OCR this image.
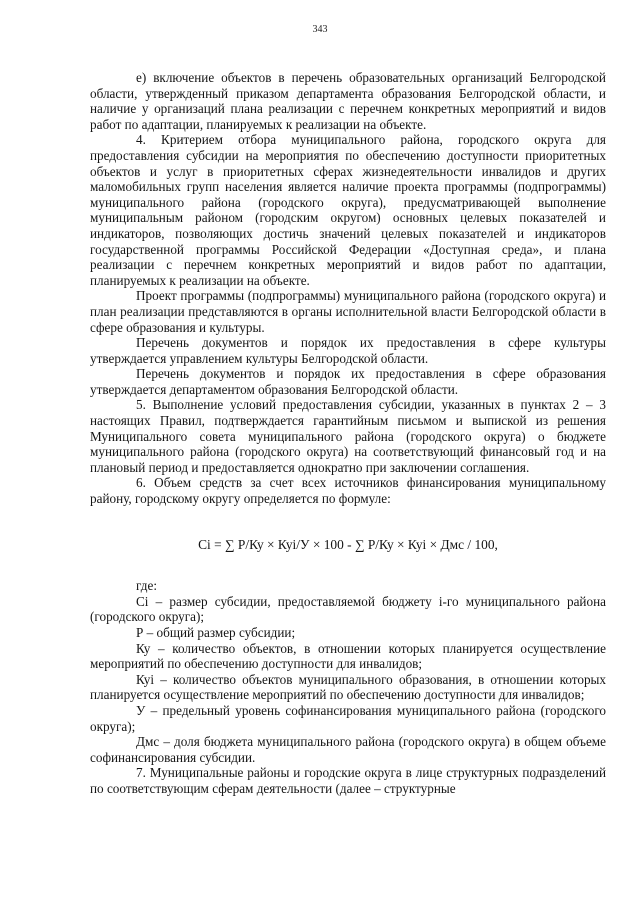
343

е) включение объектов в перечень образовательных организаций Белгородской области, утвержденный приказом департамента образования Белгородской области, и наличие у организаций плана реализации с перечнем конкретных мероприятий и видов работ по адаптации, планируемых к реализации на объекте.

4. Критерием отбора муниципального района, городского округа для предоставления субсидии на мероприятия по обеспечению доступности приоритетных объектов и услуг в приоритетных сферах жизнедеятельности инвалидов и других маломобильных групп населения является наличие проекта программы (подпрограммы) муниципального района (городского округа), предусматривающей выполнение муниципальным районом (городским округом) основных целевых показателей и индикаторов, позволяющих достичь значений целевых показателей и индикаторов государственной программы Российской Федерации «Доступная среда», и плана реализации с перечнем конкретных мероприятий и видов работ по адаптации, планируемых к реализации на объекте.

Проект программы (подпрограммы) муниципального района (городского округа) и план реализации представляются в органы исполнительной власти Белгородской области в сфере образования и культуры.

Перечень документов и порядок их предоставления в сфере культуры утверждается управлением культуры Белгородской области.

Перечень документов и порядок их предоставления в сфере образования утверждается департаментом образования Белгородской области.

5. Выполнение условий предоставления субсидии, указанных в пунктах 2 – 3 настоящих Правил, подтверждается гарантийным письмом и выпиской из решения Муниципального совета муниципального района (городского округа) о бюджете муниципального района (городского округа) на соответствующий финансовый год и на плановый период и предоставляется однократно при заключении соглашения.

6. Объем средств за счет всех источников финансирования муниципальному району, городскому округу определяется по формуле:

Сi = ∑ Р/Ку × Куi/У × 100 - ∑ Р/Ку × Куi × Дмс / 100,

где:

Сi – размер субсидии, предоставляемой бюджету i-го муниципального района (городского округа);

Р – общий размер субсидии;

Ку – количество объектов, в отношении которых планируется осуществление мероприятий по обеспечению доступности для инвалидов;

Куi – количество объектов муниципального образования, в отношении которых планируется осуществление мероприятий по обеспечению доступности для инвалидов;

У – предельный уровень софинансирования муниципального района (городского округа);

Дмс – доля бюджета муниципального района (городского округа) в общем объеме софинансирования субсидии.

7. Муниципальные районы и городские округа в лице структурных подразделений по соответствующим сферам деятельности (далее – структурные
